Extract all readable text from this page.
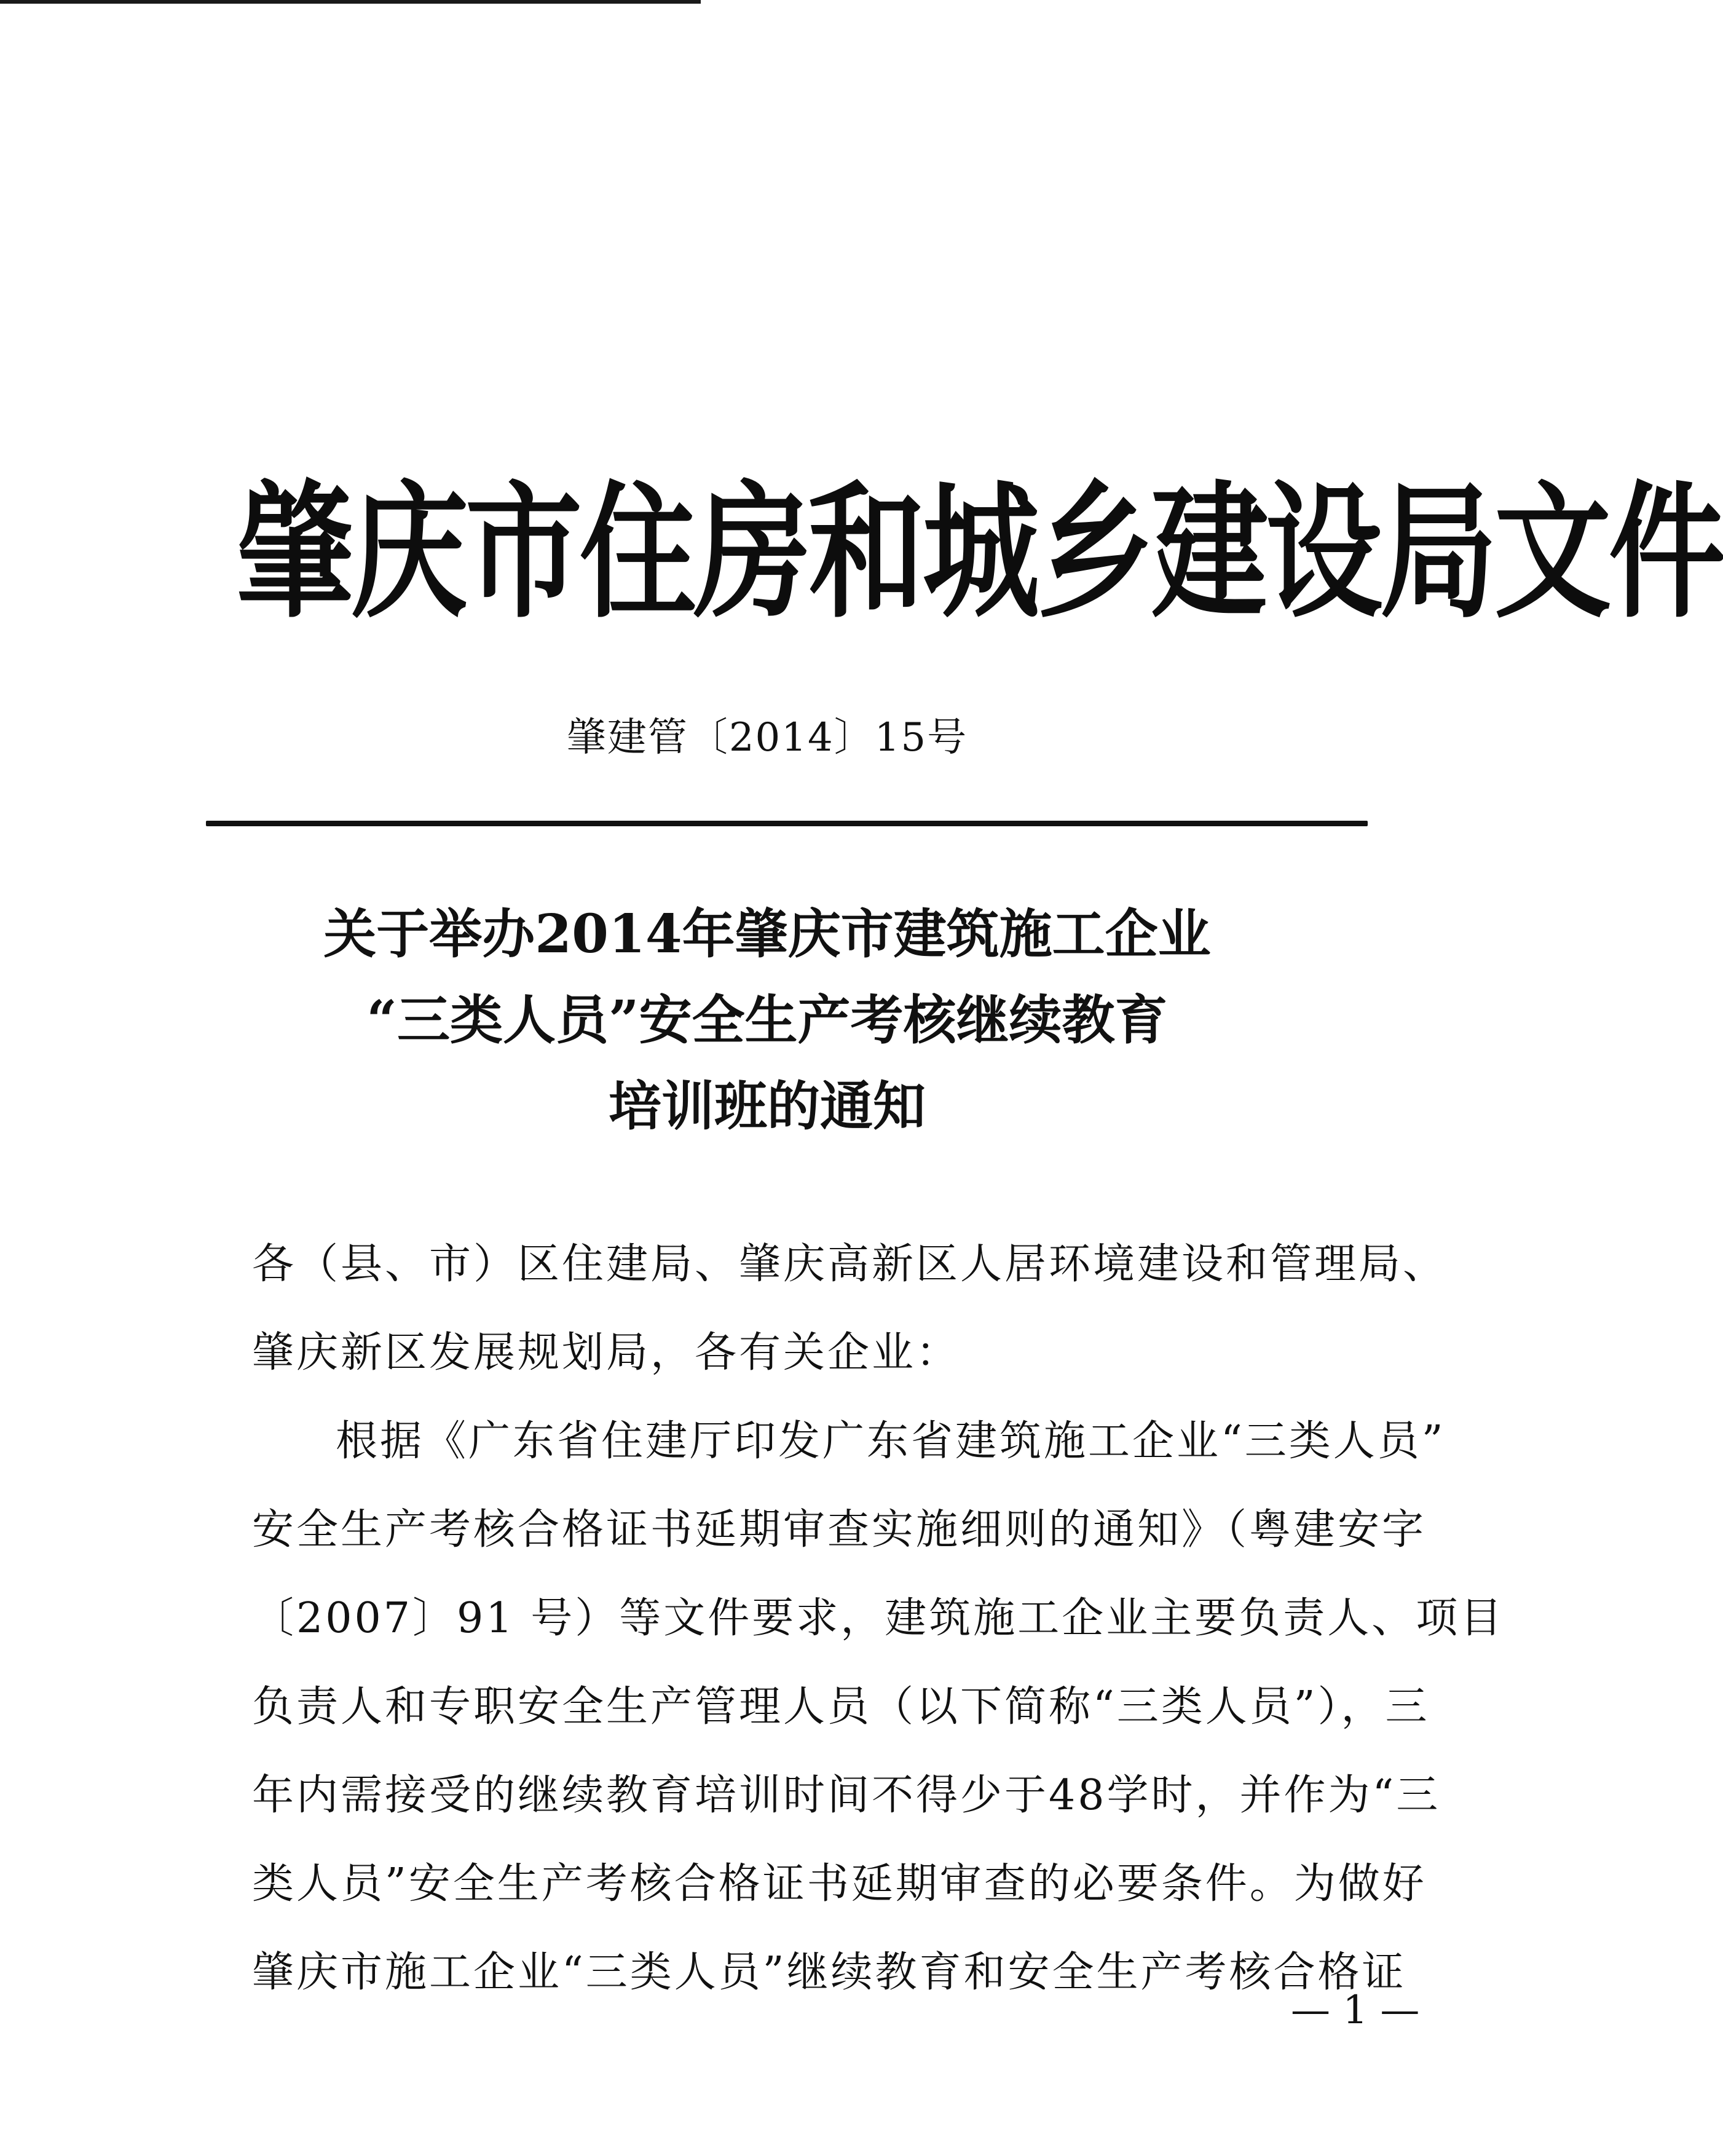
肇庆市住房和城乡建设局文件
肇建管〔2014〕15号
关于举办2014年肇庆市建筑施工企业
“三类人员”安全生产考核继续教育
培训班的通知
各（县、市）区住建局、肇庆高新区人居环境建设和管理局、
肇庆新区发展规划局，各有关企业：
根据《广东省住建厅印发广东省建筑施工企业“三类人员”
安全生产考核合格证书延期审查实施细则的通知》（粤建安字
〔2007〕91 号）等文件要求，建筑施工企业主要负责人、项目
负责人和专职安全生产管理人员（以下简称“三类人员”），三
年内需接受的继续教育培训时间不得少于48学时，并作为“三
类人员”安全生产考核合格证书延期审查的必要条件。为做好
肇庆市施工企业“三类人员”继续教育和安全生产考核合格证
— 1 —
